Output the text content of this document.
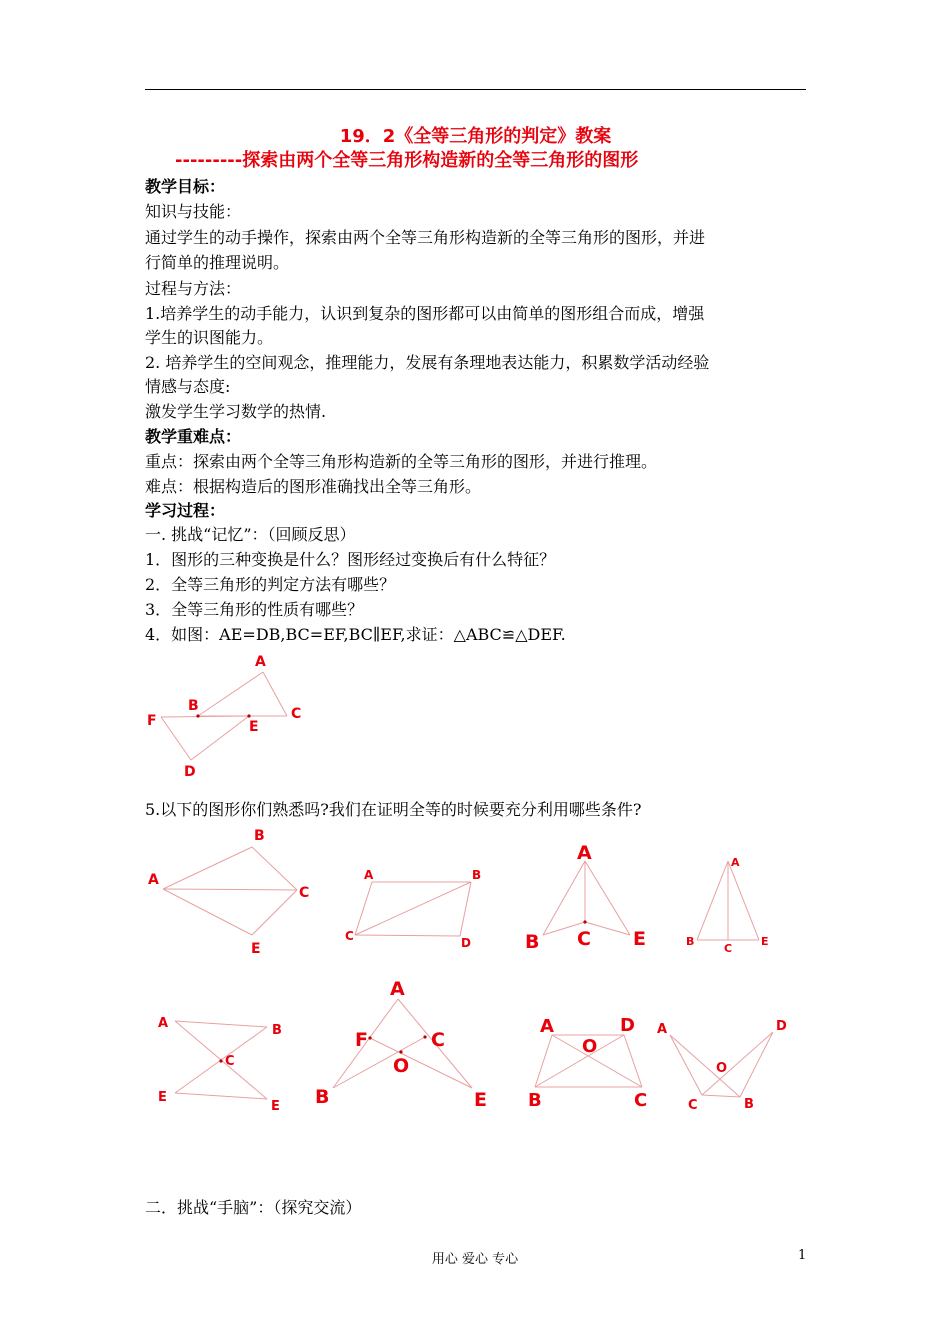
19．2《全等三角形的判定》教案
---------探索由两个全等三角形构造新的全等三角形的图形
教学目标：
知识与技能：
通过学生的动手操作，探索由两个全等三角形构造新的全等三角形的图形，并进
行简单的推理说明。
过程与方法：
1.培养学生的动手能力，认识到复杂的图形都可以由简单的图形组合而成，增强
学生的识图能力。
2. 培养学生的空间观念，推理能力，发展有条理地表达能力，积累数学活动经验
情感与态度:
激发学生学习数学的热情.
教学重难点：
重点：探索由两个全等三角形构造新的全等三角形的图形，并进行推理。
难点：根据构造后的图形准确找出全等三角形。
学习过程：
一. 挑战“记忆”：（回顾反思）
1．图形的三种变换是什么？图形经过变换后有什么特征？
2．全等三角形的判定方法有哪些？
3．全等三角形的性质有哪些？
4．如图：AE=DB,BC=EF,BC∥EF,求证：△ABC≌△DEF.
A
B	C
D
E
F
5.以下的图形你们熟悉吗?我们在证明全等的时候要充分利用哪些条件?
A
B
C
E
A	B
C	D
A
B C E
A
B
C
E
A	B
C
E
E
A
F	C
O
B	E
A	D
O
B	C
A	D
O
C	B
二．挑战“手脑”：（探究交流）
用心 爱心 专心	1
